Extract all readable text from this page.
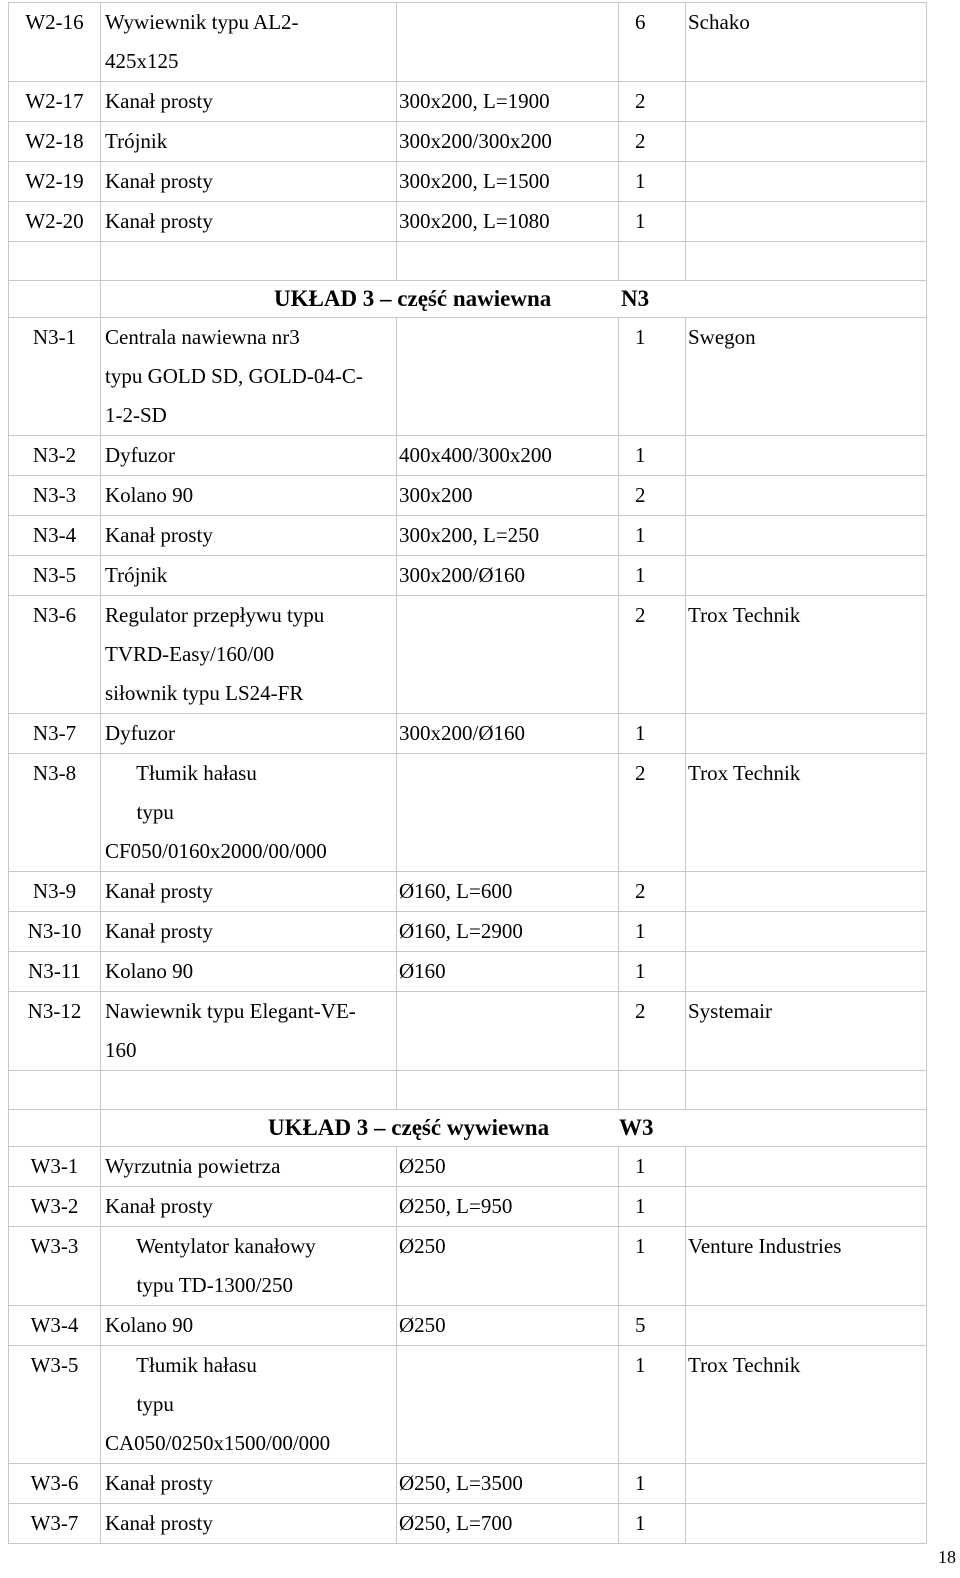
W2-16	Wywiewnik typu AL2-
425x125		6	Schako
W2-17	Kanał prosty	300x200, L=1900	2	
W2-18	Trójnik	300x200/300x200	2	
W2-19	Kanał prosty	300x200, L=1500	1	
W2-20	Kanał prosty	300x200, L=1080	1	

	UKŁAD 3 – część nawiewna N3			

N3-1	Centrala nawiewna nr3
typu GOLD SD, GOLD-04-C-
1-2-SD		1	Swegon
N3-2	Dyfuzor	400x400/300x200	1	
N3-3	Kolano 90	300x200	2	
N3-4	Kanał prosty	300x200, L=250	1	
N3-5	Trójnik	300x200/Ø160	1	
N3-6	Regulator przepływu typu
TVRD-Easy/160/00
siłownik typu LS24-FR		2	Trox Technik
N3-7	Dyfuzor	300x200/Ø160	1	
N3-8	Tłumik hałasu
typu
CF050/0160x2000/00/000		2	Trox Technik
N3-9	Kanał prosty	Ø160, L=600	2	
N3-10	Kanał prosty	Ø160, L=2900	1	
N3-11	Kolano 90	Ø160	1	
N3-12	Nawiewnik typu Elegant-VE-
160		2	Systemair

	UKŁAD 3 – część wywiewna W3			

W3-1	Wyrzutnia powietrza	Ø250	1	
W3-2	Kanał prosty	Ø250, L=950	1	
W3-3	Wentylator kanałowy
typu TD-1300/250	Ø250	1	Venture Industries
W3-4	Kolano 90	Ø250	5	
W3-5	Tłumik hałasu
typu
CA050/0250x1500/00/000		1	Trox Technik
W3-6	Kanał prosty	Ø250, L=3500	1	
W3-7	Kanał prosty	Ø250, L=700	1	
18
